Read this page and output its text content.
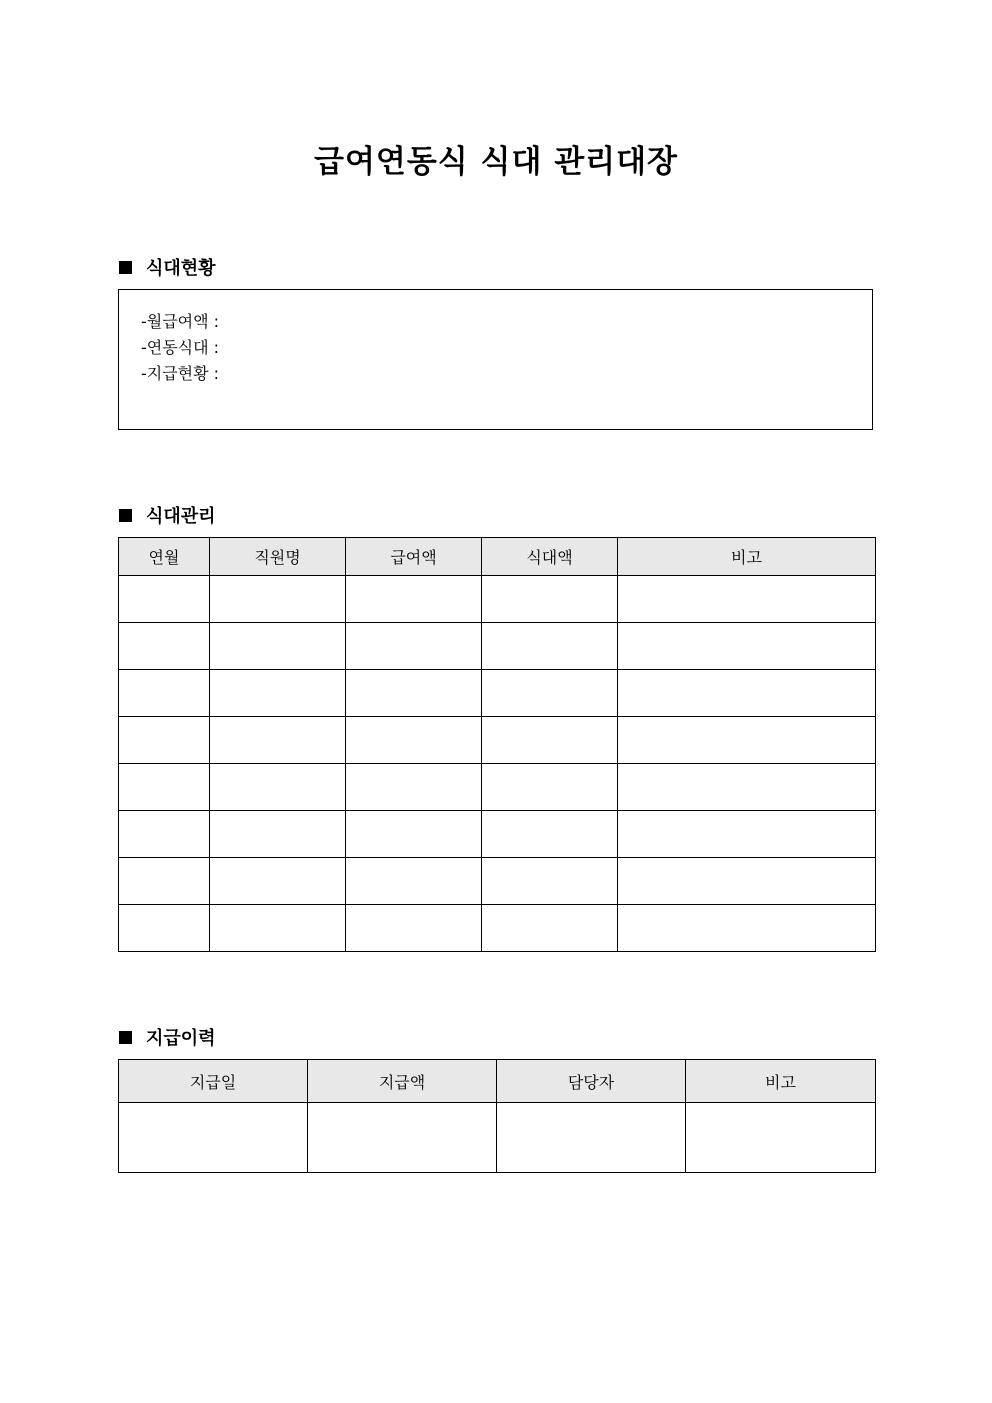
급여연동식 식대 관리대장
식대현황
-월급여액 :
-연동식대 :
-지급현황 :
식대관리
연월	직원명	급여액	식대액	비고

지급이력
지급일	지급액	담당자	비고
